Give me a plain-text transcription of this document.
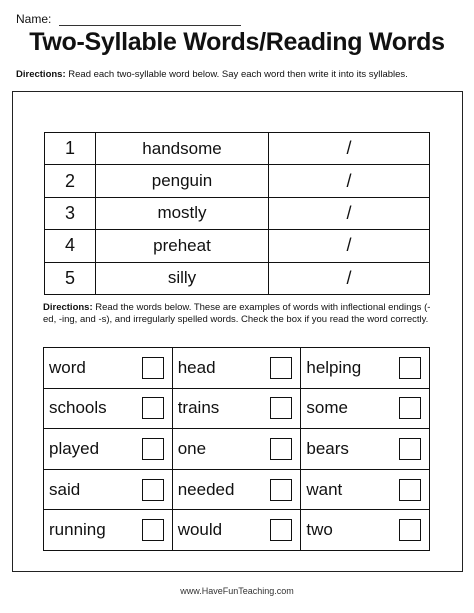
Name:
Two-Syllable Words/Reading Words
Directions: Read each two-syllable word below. Say each word then write it into its syllables.
1	handsome	/
2	penguin	/
3	mostly	/
4	preheat	/
5	silly	/
Directions: Read the words below. These are examples of words with inflectional endings (-ed, -ing, and -s), and irregularly spelled words. Check the box if you read the word correctly.
word	head	helping

schools	trains	some

played	one	bears

said	needed	want

running	would	two
www.HaveFunTeaching.com
